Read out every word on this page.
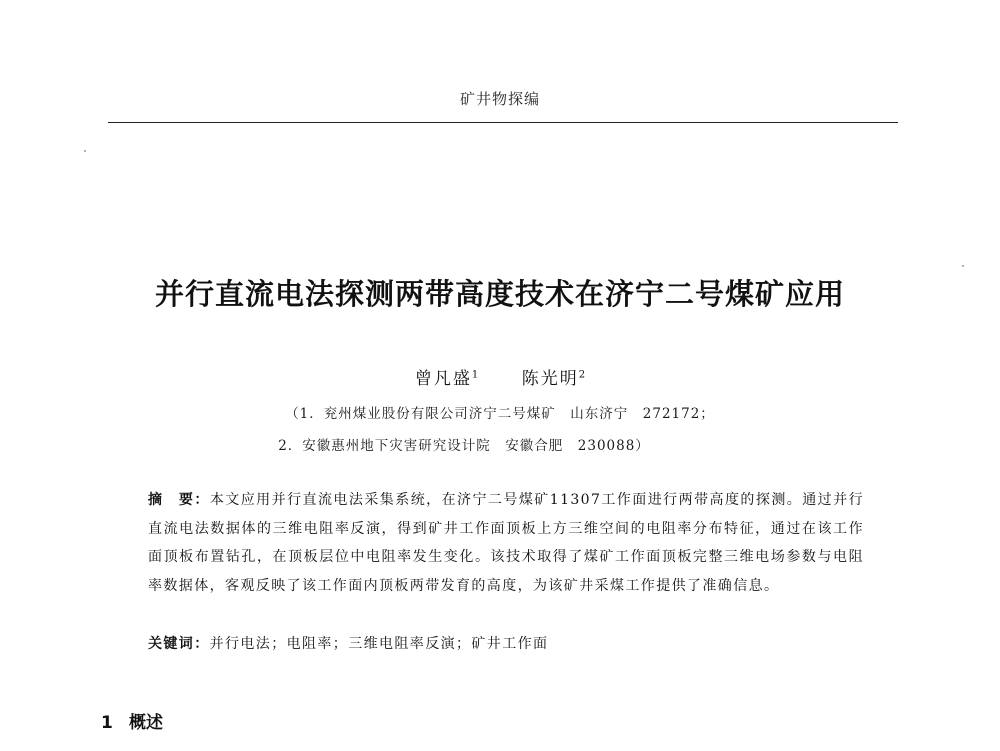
矿井物探编
并行直流电法探测两带高度技术在济宁二号煤矿应用
曾凡盛$^1$	陈光明$^2$
（1．兖州煤业股份有限公司济宁二号煤矿　山东济宁　272172；
2．安徽惠州地下灾害研究设计院　安徽合肥　230088）
摘　要：本文应用并行直流电法采集系统，在济宁二号煤矿11307工作面进行两带高度的探测。通过并行直流电法数据体的三维电阻率反演，得到矿井工作面顶板上方三维空间的电阻率分布特征，通过在该工作面顶板布置钻孔，在顶板层位中电阻率发生变化。该技术取得了煤矿工作面顶板完整三维电场参数与电阻率数据体，客观反映了该工作面内顶板两带发育的高度，为该矿井采煤工作提供了准确信息。
关键词：并行电法；电阻率；三维电阻率反演；矿井工作面
1 概述
